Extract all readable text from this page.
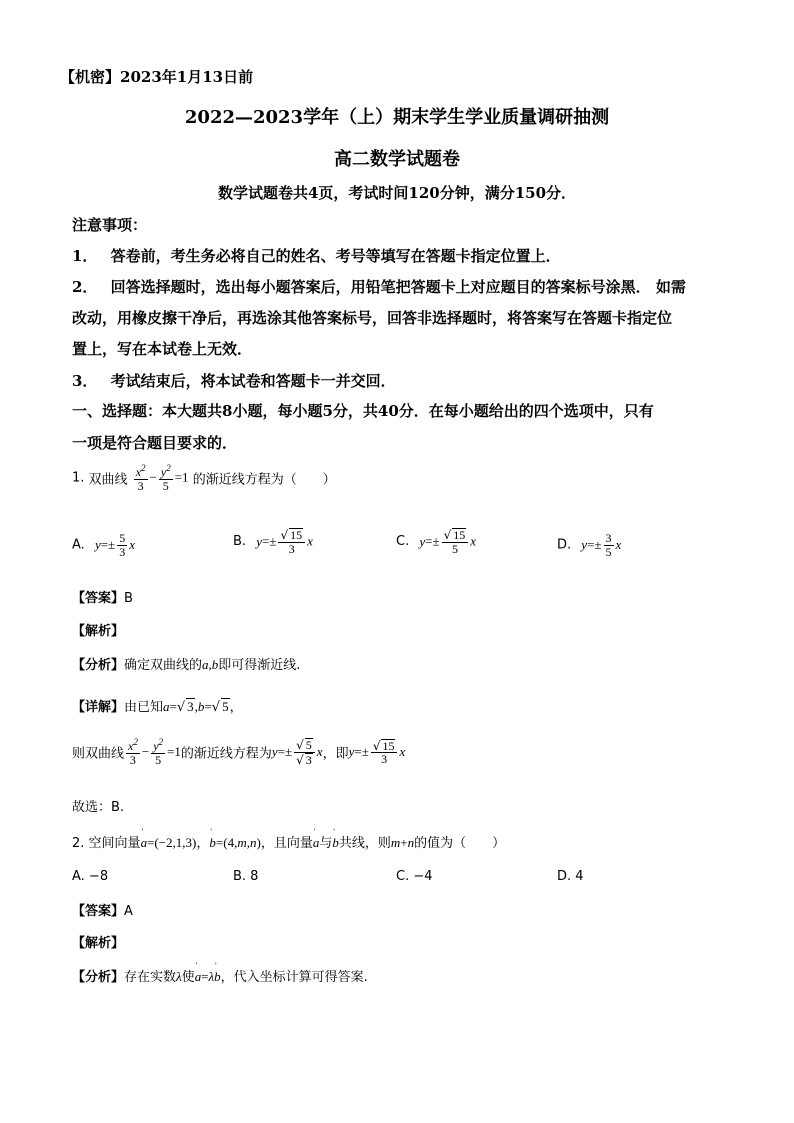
【机密】2023年1月13日前
2022—2023学年（上）期末学生学业质量调研抽测
高二数学试题卷
数学试题卷共4页，考试时间120分钟，满分150分．
注意事项：
1． 答卷前，考生务必将自己的姓名、考号等填写在答题卡指定位置上．
2． 回答选择题时，选出每小题答案后，用铅笔把答题卡上对应题目的答案标号涂黑． 如需
改动，用橡皮擦干净后，再选涂其他答案标号，回答非选择题时，将答案写在答题卡指定位
置上，写在本试卷上无效．
3． 考试结束后，将本试卷和答题卡一并交回．
一、选择题：本大题共8小题，每小题5分，共40分．在每小题给出的四个选项中，只有
一项是符合题目要求的．
1. 双曲线 $\frac{x^2}{3} - \frac{y^2}{5} =1$ 的渐近线方程为（　　）
A. $y=\pm \frac{5}{3}$ x	B. $y=\pm \frac{√ 15}{3}$ x	C. $y=\pm \frac{√ 15}{5}$ x	D. $y=\pm \frac{3}{5}$ x
【答案】B
【解析】
【分析】确定双曲线的a,b即可得渐近线.
【详解】由已知a=√ 3,b=√ 5，
则双曲线 $\frac{x^2}{3} - \frac{y^2}{5} =1$的渐近线方程为$y=\pm \frac{√ 5}{√ 3}$ x，即$y=\pm \frac{√ 15}{3}$ x
故选：B.
2. 空间向量' a=(−2,1,3)，' b=(4,m,n)，且向量' a与' b共线，则m+n的值为（　　）
A. −8	B. 8	C. −4	D. 4
【答案】A
【解析】
【分析】存在实数λ使' a=λ' b，代入坐标计算可得答案.
